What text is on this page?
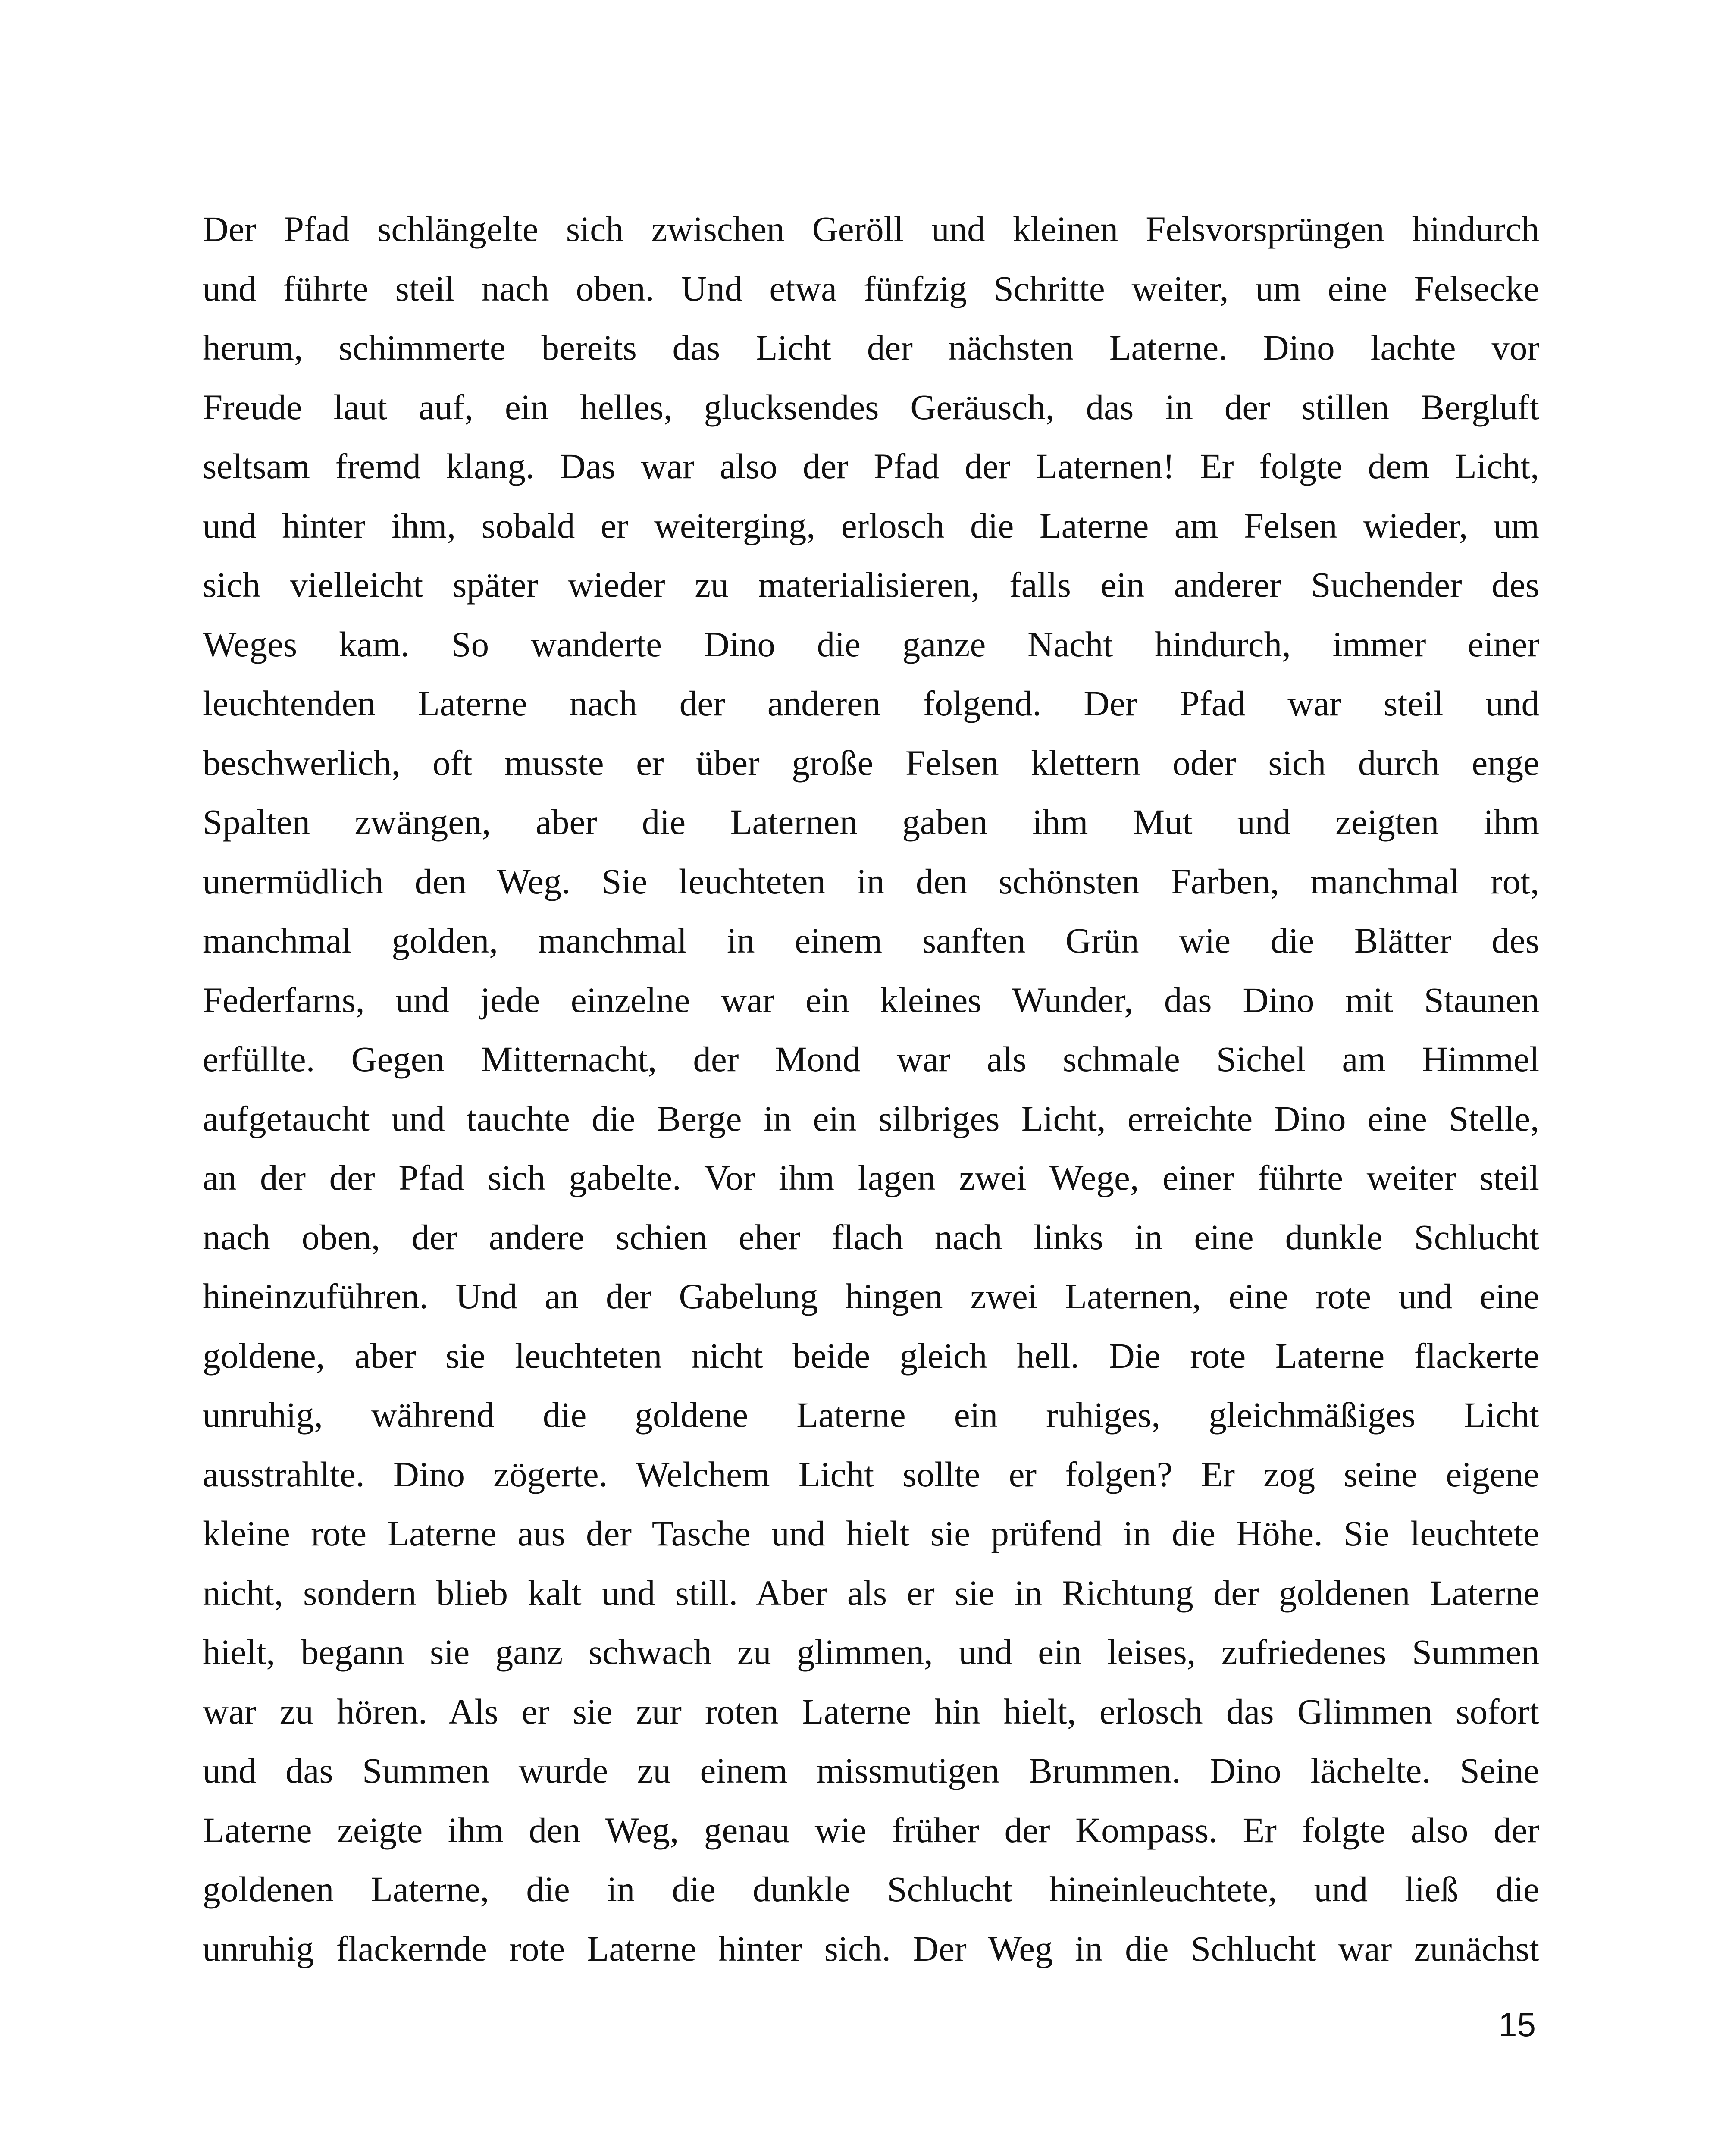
Der Pfad schlängelte sich zwischen Geröll und kleinen Felsvorsprüngen hindurch
und führte steil nach oben. Und etwa fünfzig Schritte weiter, um eine Felsecke
herum, schimmerte bereits das Licht der nächsten Laterne. Dino lachte vor
Freude laut auf, ein helles, glucksendes Geräusch, das in der stillen Bergluft
seltsam fremd klang. Das war also der Pfad der Laternen! Er folgte dem Licht,
und hinter ihm, sobald er weiterging, erlosch die Laterne am Felsen wieder, um
sich vielleicht später wieder zu materialisieren, falls ein anderer Suchender des
Weges kam. So wanderte Dino die ganze Nacht hindurch, immer einer
leuchtenden Laterne nach der anderen folgend. Der Pfad war steil und
beschwerlich, oft musste er über große Felsen klettern oder sich durch enge
Spalten zwängen, aber die Laternen gaben ihm Mut und zeigten ihm
unermüdlich den Weg. Sie leuchteten in den schönsten Farben, manchmal rot,
manchmal golden, manchmal in einem sanften Grün wie die Blätter des
Federfarns, und jede einzelne war ein kleines Wunder, das Dino mit Staunen
erfüllte. Gegen Mitternacht, der Mond war als schmale Sichel am Himmel
aufgetaucht und tauchte die Berge in ein silbriges Licht, erreichte Dino eine Stelle,
an der der Pfad sich gabelte. Vor ihm lagen zwei Wege, einer führte weiter steil
nach oben, der andere schien eher flach nach links in eine dunkle Schlucht
hineinzuführen. Und an der Gabelung hingen zwei Laternen, eine rote und eine
goldene, aber sie leuchteten nicht beide gleich hell. Die rote Laterne flackerte
unruhig, während die goldene Laterne ein ruhiges, gleichmäßiges Licht
ausstrahlte. Dino zögerte. Welchem Licht sollte er folgen? Er zog seine eigene
kleine rote Laterne aus der Tasche und hielt sie prüfend in die Höhe. Sie leuchtete
nicht, sondern blieb kalt und still. Aber als er sie in Richtung der goldenen Laterne
hielt, begann sie ganz schwach zu glimmen, und ein leises, zufriedenes Summen
war zu hören. Als er sie zur roten Laterne hin hielt, erlosch das Glimmen sofort
und das Summen wurde zu einem missmutigen Brummen. Dino lächelte. Seine
Laterne zeigte ihm den Weg, genau wie früher der Kompass. Er folgte also der
goldenen Laterne, die in die dunkle Schlucht hineinleuchtete, und ließ die
unruhig flackernde rote Laterne hinter sich. Der Weg in die Schlucht war zunächst
15
